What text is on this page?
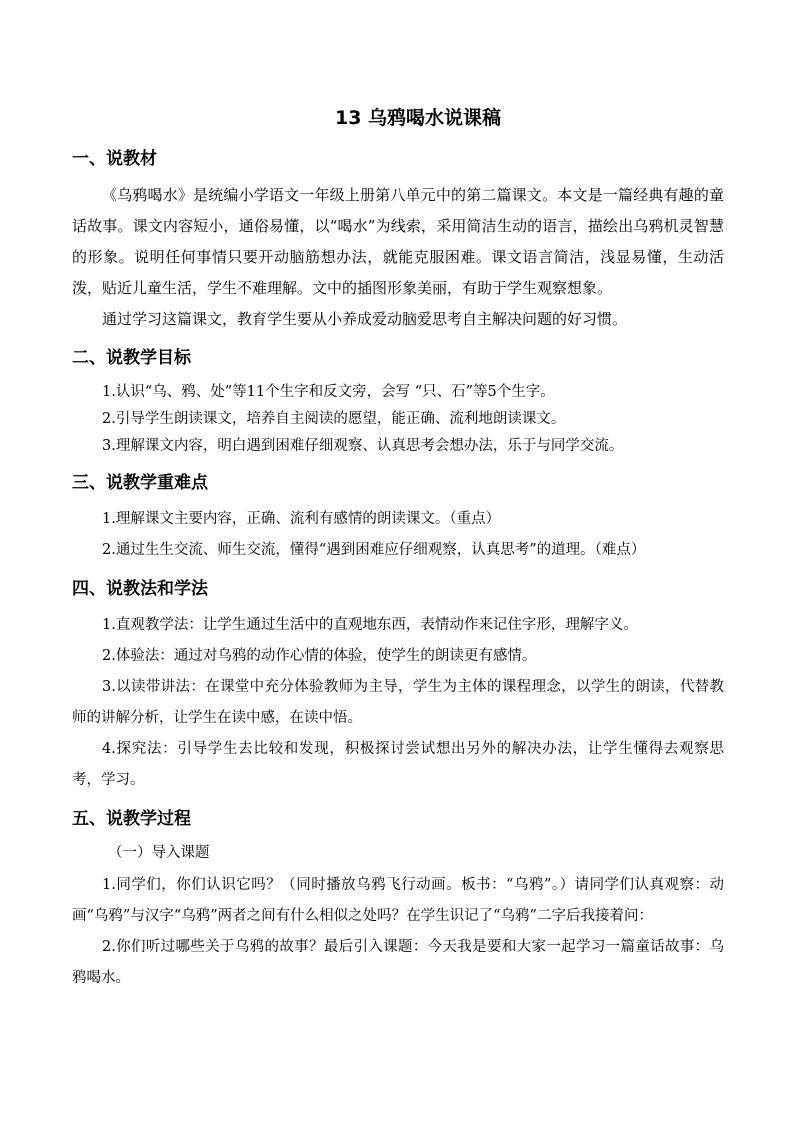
13 乌鸦喝水说课稿
一、说教材

《乌鸦喝水》是统编小学语文一年级上册第八单元中的第二篇课文。本文是一篇经典有趣的童话故事。课文内容短小，通俗易懂，以“喝水”为线索，采用简洁生动的语言，描绘出乌鸦机灵智慧的形象。说明任何事情只要开动脑筋想办法，就能克服困难。课文语言简洁，浅显易懂，生动活泼，贴近儿童生活，学生不难理解。文中的插图形象美丽，有助于学生观察想象。

通过学习这篇课文，教育学生要从小养成爱动脑爱思考自主解决问题的好习惯。

二、说教学目标

1.认识“乌、鸦、处”等11个生字和反文旁，会写 “只、石”等5个生字。

2.引导学生朗读课文，培养自主阅读的愿望，能正确、流利地朗读课文。

3.理解课文内容，明白遇到困难仔细观察、认真思考会想办法，乐于与同学交流。

三、说教学重难点

1.理解课文主要内容，正确、流利有感情的朗读课文。（重点）

2.通过生生交流、师生交流，懂得“遇到困难应仔细观察，认真思考”的道理。（难点）

四、说教法和学法

1.直观教学法：让学生通过生活中的直观地东西，表情动作来记住字形，理解字义。

2.体验法：通过对乌鸦的动作心情的体验，使学生的朗读更有感情。

3.以读带讲法：在课堂中充分体验教师为主导，学生为主体的课程理念，以学生的朗读，代替教师的讲解分析，让学生在读中感，在读中悟。

4.探究法：引导学生去比较和发现，积极探讨尝试想出另外的解决办法，让学生懂得去观察思考，学习。

五、说教学过程
（一）导入课题

1.同学们，你们认识它吗？（同时播放乌鸦飞行动画。板书：“乌鸦”。）请同学们认真观察：动画“乌鸦”与汉字“乌鸦”两者之间有什么相似之处吗？在学生识记了“乌鸦”二字后我接着问：

2.你们听过哪些关于乌鸦的故事？最后引入课题：今天我是要和大家一起学习一篇童话故事：乌鸦喝水。
